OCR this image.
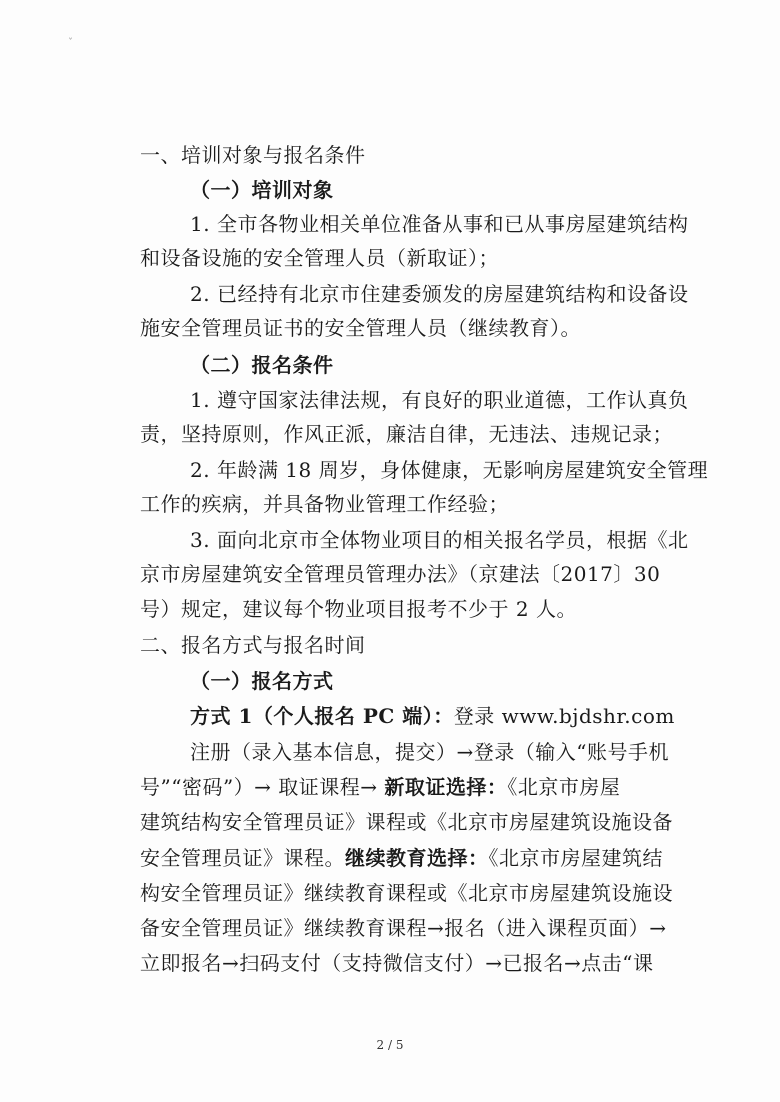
ˇ
一、培训对象与报名条件
（一）培训对象
1. 全市各物业相关单位准备从事和已从事房屋建筑结构
和设备设施的安全管理人员（新取证）；
2. 已经持有北京市住建委颁发的房屋建筑结构和设备设
施安全管理员证书的安全管理人员（继续教育）。
（二）报名条件
1. 遵守国家法律法规，有良好的职业道德，工作认真负
责，坚持原则，作风正派，廉洁自律，无违法、违规记录；
2. 年龄满 18 周岁，身体健康，无影响房屋建筑安全管理
工作的疾病，并具备物业管理工作经验；
3. 面向北京市全体物业项目的相关报名学员，根据《北
京市房屋建筑安全管理员管理办法》（京建法〔2017〕30
号）规定，建议每个物业项目报考不少于 2 人。
二、报名方式与报名时间
（一）报名方式
方式 1（个人报名 PC 端）：登录 www.bjdshr.com
注册（录入基本信息，提交）→登录（输入“账号手机
号”“密码”）→ 取证课程→ 新取证选择：《北京市房屋
建筑结构安全管理员证》课程或《北京市房屋建筑设施设备
安全管理员证》课程。继续教育选择：《北京市房屋建筑结
构安全管理员证》继续教育课程或《北京市房屋建筑设施设
备安全管理员证》继续教育课程→报名（进入课程页面）→
立即报名→扫码支付（支持微信支付）→已报名→点击“课
2 / 5
